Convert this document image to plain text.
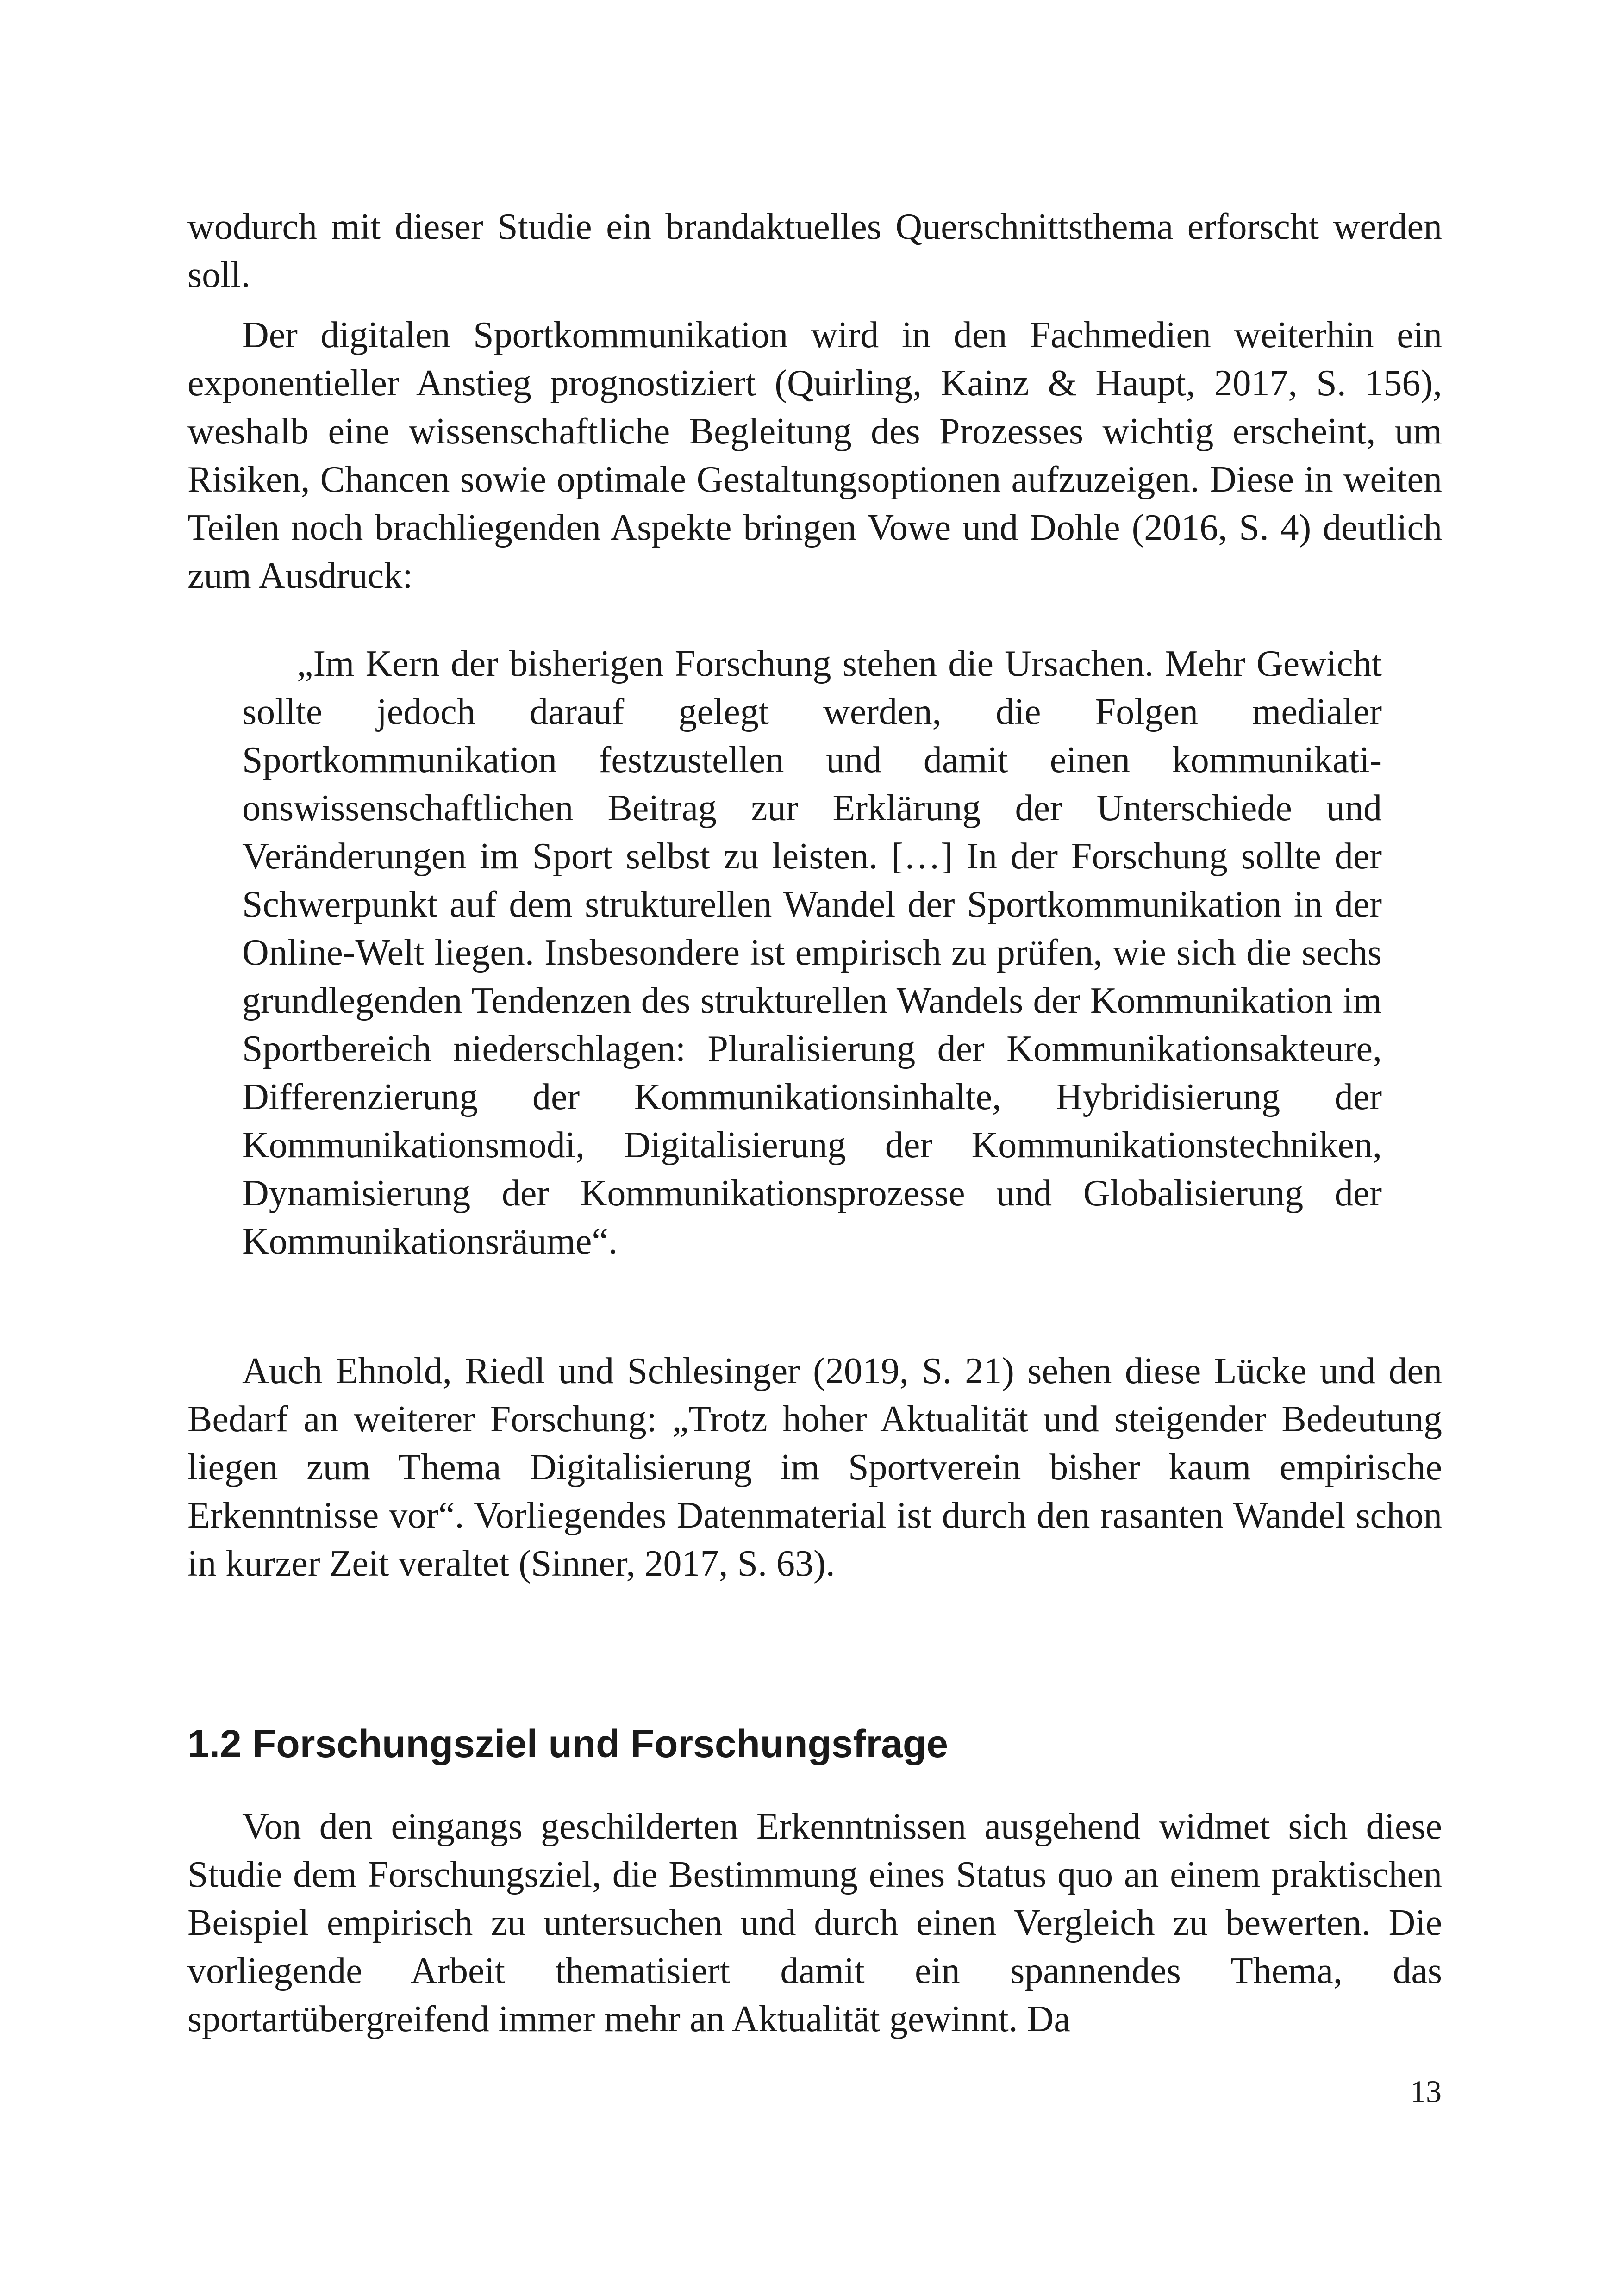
wodurch mit dieser Studie ein brandaktuelles Querschnittsthema erforscht werden soll.

Der digitalen Sportkommunikation wird in den Fachmedien weiterhin ein exponentieller Anstieg prognostiziert (Quirling, Kainz & Haupt, 2017, S. 156), weshalb eine wissenschaftliche Begleitung des Prozesses wichtig erscheint, um Risiken, Chancen sowie optimale Gestaltungsoptionen aufzuzeigen. Diese in weiten Teilen noch brachliegenden Aspekte bringen Vowe und Dohle (2016, S. 4) deutlich zum Ausdruck:

„Im Kern der bisherigen Forschung stehen die Ursachen. Mehr Gewicht sollte jedoch darauf gelegt werden, die Folgen medialer Sportkommunikation festzustellen und damit einen kommunikationswissenschaftlichen Beitrag zur Erklärung der Unterschiede und Veränderungen im Sport selbst zu leisten. […] In der Forschung sollte der Schwerpunkt auf dem strukturellen Wandel der Sportkommunikation in der Online-Welt liegen. Insbesondere ist empirisch zu prüfen, wie sich die sechs grundlegenden Tendenzen des strukturellen Wandels der Kommunikation im Sportbereich niederschlagen: Pluralisierung der Kommunikationsakteure, Differenzierung der Kommunikationsinhalte, Hybridisierung der Kommunikationsmodi, Digitalisierung der Kommunikationstechniken, Dynamisierung der Kommunikationsprozesse und Globalisierung der Kommunikationsräume“.

Auch Ehnold, Riedl und Schlesinger (2019, S. 21) sehen diese Lücke und den Bedarf an weiterer Forschung: „Trotz hoher Aktualität und steigender Bedeutung liegen zum Thema Digitalisierung im Sportverein bisher kaum empirische Erkenntnisse vor“. Vorliegendes Datenmaterial ist durch den rasanten Wandel schon in kurzer Zeit veraltet (Sinner, 2017, S. 63).

1.2 Forschungsziel und Forschungsfrage

Von den eingangs geschilderten Erkenntnissen ausgehend widmet sich diese Studie dem Forschungsziel, die Bestimmung eines Status quo an einem praktischen Beispiel empirisch zu untersuchen und durch einen Vergleich zu bewerten. Die vorliegende Arbeit thematisiert damit ein spannendes Thema, das sportartübergreifend immer mehr an Aktualität gewinnt. Da

13
